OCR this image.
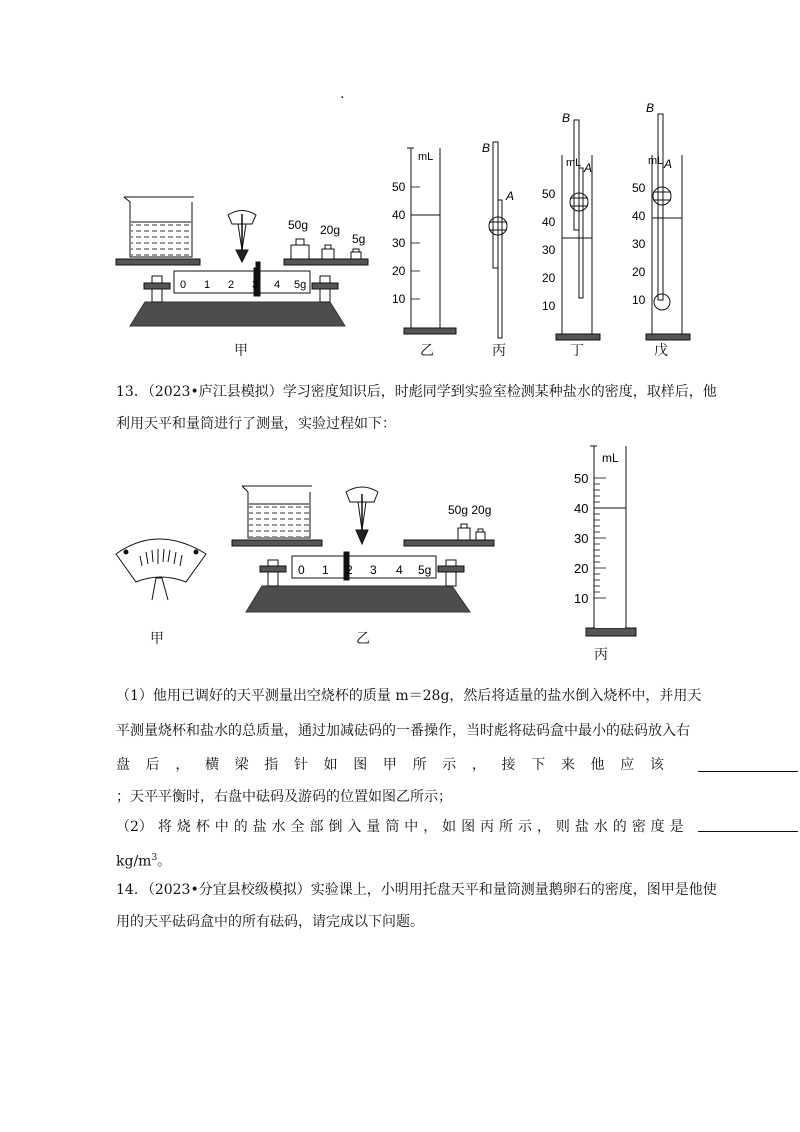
.
50g 20g
5g
0 1 2 3 4 5g
mL
50
40
30
20
10
B
A
B
A
mL
50
40
30
20
10
B
A
mL
50
40
30
20
10
甲	乙	丙	丁	戊
13．（2023•庐江县模拟）学习密度知识后，时彪同学到实验室检测某种盐水的密度，取样后，他
利用天平和量筒进行了测量，实验过程如下：
50g 20g
0 1 2 3 4 5g
mL
50
40
30
20
10
甲	乙
丙
（1）他用已调好的天平测量出空烧杯的质量 m＝28g，然后将适量的盐水倒入烧杯中，并用天
平测量烧杯和盐水的总质量，通过加减砝码的一番操作，当时彪将砝码盒中最小的砝码放入右
盘 后 ， 横 梁 指 针 如 图 甲 所 示 ， 接 下 来 他 应 该
；天平平衡时，右盘中砝码及游码的位置如图乙所示；
（2） 将 烧 杯 中 的 盐 水 全 部 倒 入 量 筒 中 ， 如 图 丙 所 示 ， 则 盐 水 的 密 度 是
$kg/m^3$。
14．（2023•分宜县校级模拟）实验课上，小明用托盘天平和量筒测量鹅卵石的密度，图甲是他使
用的天平砝码盒中的所有砝码，请完成以下问题。
